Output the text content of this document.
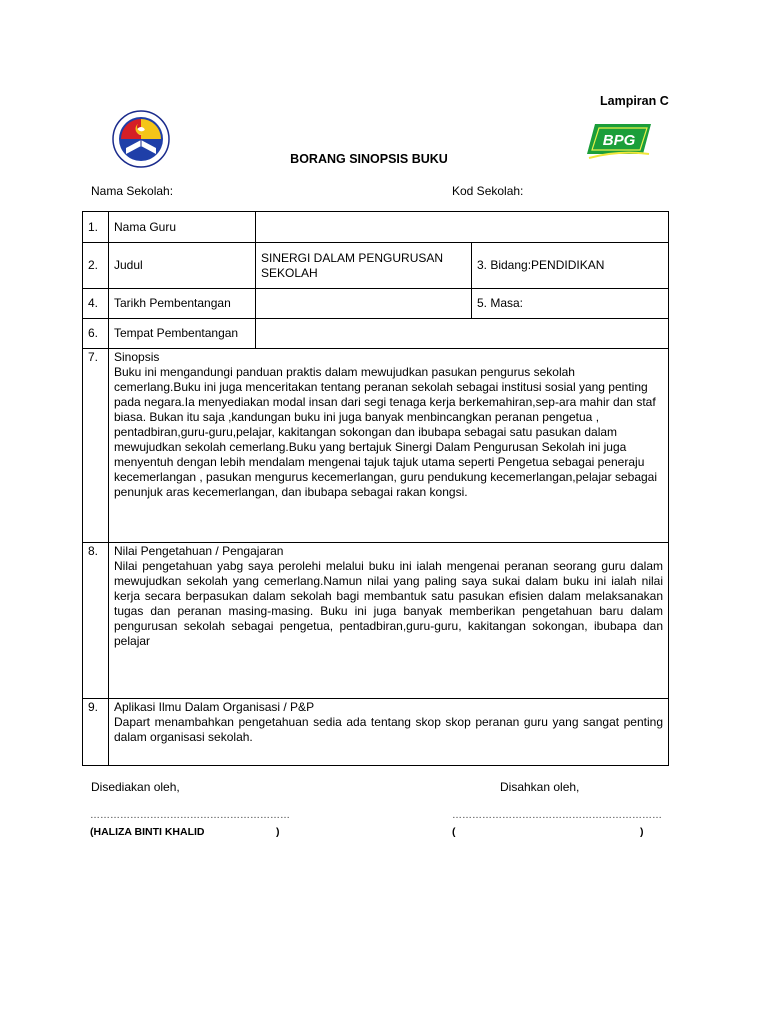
Lampiran C
BPG
BORANG SINOPSIS BUKU
Nama Sekolah:	Kod Sekolah:
1.	Nama Guru		
2.	Judul	SINERGI DALAM PENGURUSAN SEKOLAH	3. Bidang:PENDIDIKAN
4.	Tarikh Pembentangan		5. Masa:
6.	Tempat Pembentangan		
7.	Sinopsis
Buku ini mengandungi panduan praktis dalam mewujudkan pasukan pengurus sekolah cemerlang.Buku ini juga menceritakan tentang peranan sekolah sebagai institusi sosial yang penting pada negara.Ia menyediakan modal insan dari segi tenaga kerja berkemahiran,sep-ara mahir dan staf biasa. Bukan itu saja ,kandungan buku ini juga banyak menbincangkan peranan pengetua , pentadbiran,guru-guru,pelajar, kakitangan sokongan dan ibubapa sebagai satu pasukan dalam mewujudkan sekolah cemerlang.Buku yang bertajuk Sinergi Dalam Pengurusan Sekolah ini juga menyentuh dengan lebih mendalam mengenai tajuk tajuk utama seperti Pengetua sebagai peneraju kecemerlangan , pasukan mengurus kecemerlangan, guru pendukung kecemerlangan,pelajar sebagai penunjuk aras kecemerlangan, dan ibubapa sebagai rakan kongsi.		

8.	Nilai Pengetahuan / Pengajaran
Nilai pengetahuan yabg saya perolehi melalui buku ini ialah mengenai peranan seorang guru dalam mewujudkan sekolah yang cemerlang.Namun nilai yang paling saya sukai dalam buku ini ialah nilai kerja secara berpasukan dalam sekolah bagi membantuk satu pasukan efisien dalam melaksanakan tugas dan peranan masing-masing. Buku ini juga banyak memberikan pengetahuan baru dalam pengurusan sekolah sebagai pengetua, pentadbiran,guru-guru, kakitangan sokongan, ibubapa dan pelajar		

9.	Aplikasi Ilmu Dalam Organisasi / P&P
Dapart menambahkan pengetahuan sedia ada tentang skop skop peranan guru yang sangat penting dalam organisasi sekolah.		
Disediakan oleh,	Disahkan oleh,
……………………………………………………	………………………………………………………
(HALIZA BINTI KHALID	)	(	)
